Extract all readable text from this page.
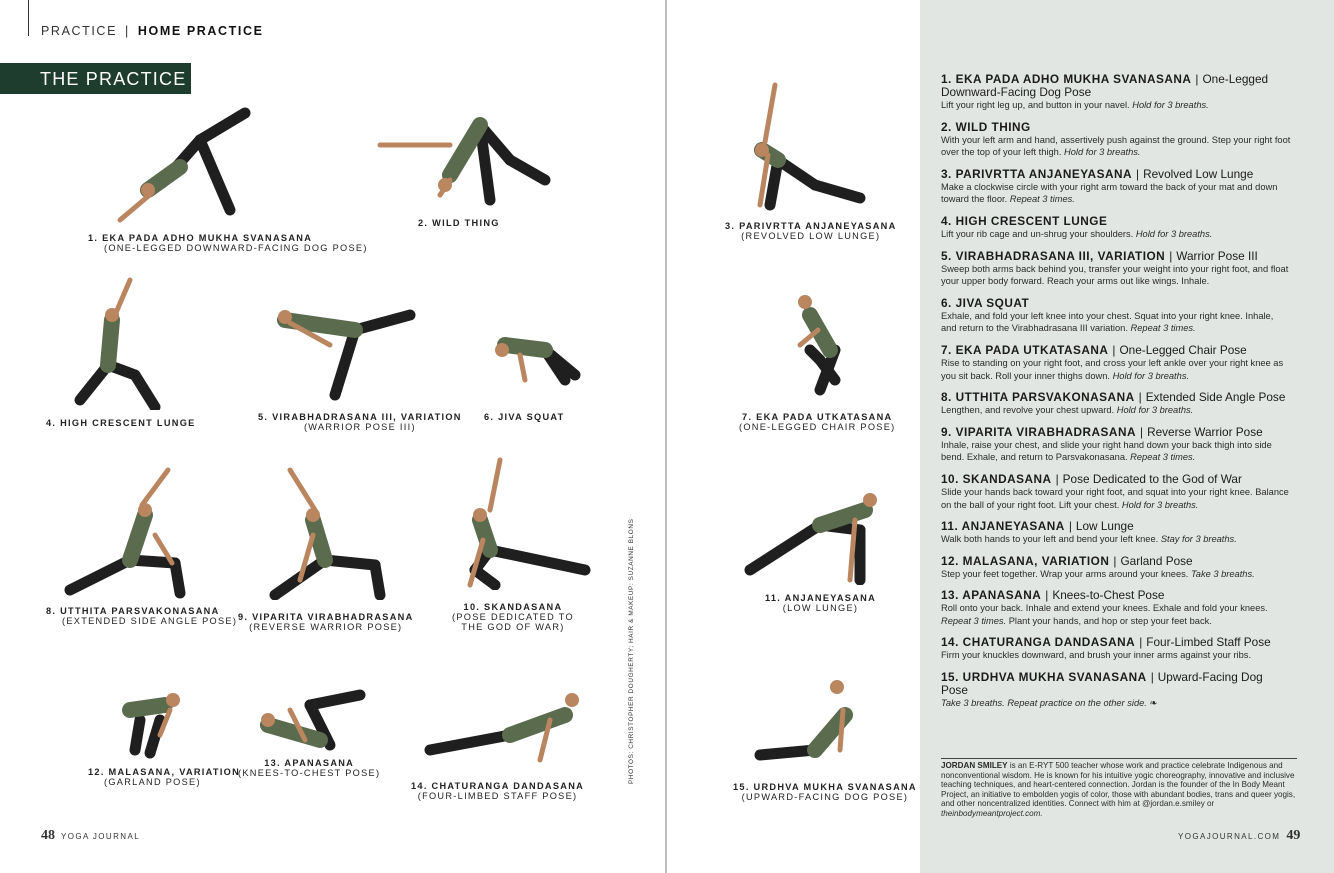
PRACTICE | HOME PRACTICE
THE PRACTICE
1. EKA PADA ADHO MUKHA SVANASANA
(ONE-LEGGED DOWNWARD-FACING DOG POSE)
2. WILD THING	3. PARIVRTTA ANJANEYASANA
(REVOLVED LOW LUNGE)
4. HIGH CRESCENT LUNGE
5. VIRABHADRASANA III, VARIATION
(WARRIOR POSE III)
6. JIVA SQUAT	7. EKA PADA UTKATASANA
(ONE-LEGGED CHAIR POSE)
8. UTTHITA PARSVAKONASANA
(EXTENDED SIDE ANGLE POSE) 9. VIPARITA VIRABHADRASANA
(REVERSE WARRIOR POSE)
10. SKANDASANA
(POSE DEDICATED TO
THE GOD OF WAR)
11. ANJANEYASANA
(LOW LUNGE)
12. MALASANA, VARIATION
(GARLAND POSE)
13. APANASANA
(KNEES-TO-CHEST POSE)
14. CHATURANGA DANDASANA
(FOUR-LIMBED STAFF POSE)
15. URDHVA MUKHA SVANASANA
(UPWARD-FACING DOG POSE)
PHOTOS: CHRISTOPHER DOUGHERTY; HAIR & MAKEUP: SUZANNE BLONS
48 YOGA JOURNAL	YOGAJOURNAL.COM 49
1. EKA PADA ADHO MUKHA SVANASANA | One-Legged Downward-Facing Dog Pose
Lift your right leg up, and button in your navel. Hold for 3 breaths.
2. WILD THING
With your left arm and hand, assertively push against the ground. Step your right foot over the top of your left thigh. Hold for 3 breaths.
3. PARIVRTTA ANJANEYASANA | Revolved Low Lunge
Make a clockwise circle with your right arm toward the back of your mat and down toward the floor. Repeat 3 times.
4. HIGH CRESCENT LUNGE
Lift your rib cage and un-shrug your shoulders. Hold for 3 breaths.
5. VIRABHADRASANA III, VARIATION | Warrior Pose III
Sweep both arms back behind you, transfer your weight into your right foot, and float your upper body forward. Reach your arms out like wings. Inhale.
6. JIVA SQUAT
Exhale, and fold your left knee into your chest. Squat into your right knee. Inhale, and return to the Virabhadrasana III variation. Repeat 3 times.
7. EKA PADA UTKATASANA | One-Legged Chair Pose
Rise to standing on your right foot, and cross your left ankle over your right knee as you sit back. Roll your inner thighs down. Hold for 3 breaths.
8. UTTHITA PARSVAKONASANA | Extended Side Angle Pose
Lengthen, and revolve your chest upward. Hold for 3 breaths.
9. VIPARITA VIRABHADRASANA | Reverse Warrior Pose
Inhale, raise your chest, and slide your right hand down your back thigh into side bend. Exhale, and return to Parsvakonasana. Repeat 3 times.
10. SKANDASANA | Pose Dedicated to the God of War
Slide your hands back toward your right foot, and squat into your right knee. Balance on the ball of your right foot. Lift your chest. Hold for 3 breaths.
11. ANJANEYASANA | Low Lunge
Walk both hands to your left and bend your left knee. Stay for 3 breaths.
12. MALASANA, VARIATION | Garland Pose
Step your feet together. Wrap your arms around your knees. Take 3 breaths.
13. APANASANA | Knees-to-Chest Pose
Roll onto your back. Inhale and extend your knees. Exhale and fold your knees. Repeat 3 times. Plant your hands, and hop or step your feet back.
14. CHATURANGA DANDASANA | Four-Limbed Staff Pose
Firm your knuckles downward, and brush your inner arms against your ribs.
15. URDHVA MUKHA SVANASANA | Upward-Facing Dog Pose
Take 3 breaths. Repeat practice on the other side. ❧
JORDAN SMILEY is an E-RYT 500 teacher whose work and practice celebrate Indigenous and nonconventional wisdom. He is known for his intuitive yogic choreography, innovative and inclusive teaching techniques, and heart-centered connection. Jordan is the founder of the In Body Meant Project, an initiative to embolden yogis of color, those with abundant bodies, trans and queer yogis, and other noncentralized identities. Connect with him at @jordan.e.smiley or theinbodymeantproject.com.
